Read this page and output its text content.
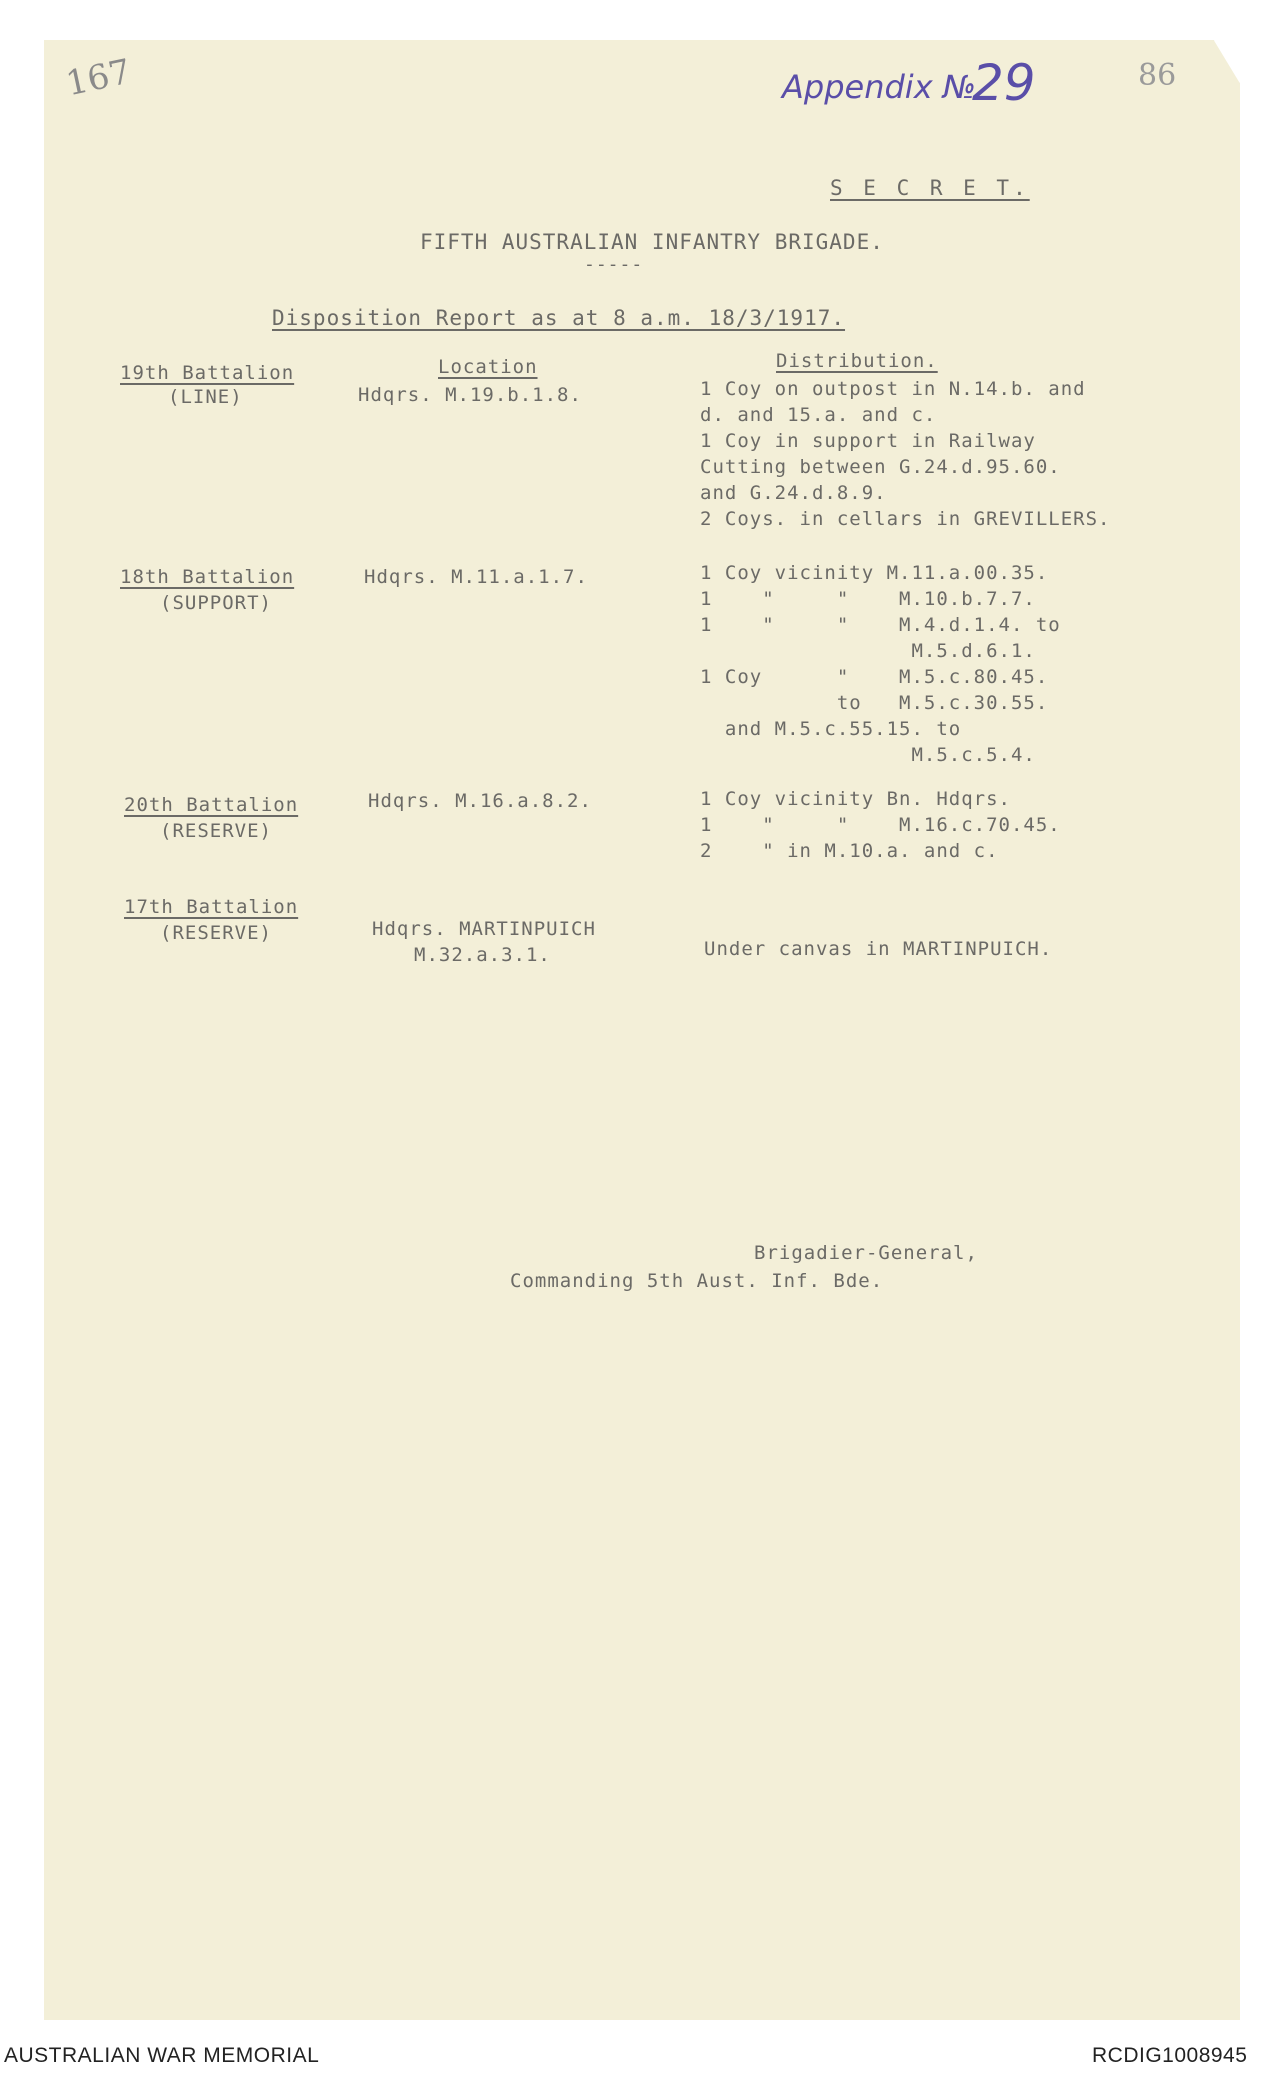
167	Appendix №
29	86
S E C R E T.
FIFTH AUSTRALIAN INFANTRY BRIGADE.
-----
Disposition Report as at 8 a.m. 18/3/1917.
Location	Distribution.
19th Battalion
(LINE)	Hdqrs. M.19.b.1.8.	1 Coy on outpost in N.14.b. and
d. and 15.a. and c.
1 Coy in support in Railway
Cutting between G.24.d.95.60.
and G.24.d.8.9.
2 Coys. in cellars in GREVILLERS.
18th Battalion
(SUPPORT)
Hdqrs. M.11.a.1.7.	1 Coy vicinity M.11.a.00.35.
1    "     "    M.10.b.7.7.
1    "     "    M.4.d.1.4. to
M.5.d.6.1.
1 Coy      "    M.5.c.80.45.
to   M.5.c.30.55.
and M.5.c.55.15. to
M.5.c.5.4.
20th Battalion
(RESERVE)
Hdqrs. M.16.a.8.2.	1 Coy vicinity Bn. Hdqrs.
1    "     "    M.16.c.70.45.
2    " in M.10.a. and c.
17th Battalion
(RESERVE)	Hdqrs. MARTINPUICH
M.32.a.3.1.	Under canvas in MARTINPUICH.
Brigadier-General,
Commanding 5th Aust. Inf. Bde.
AUSTRALIAN WAR MEMORIAL	RCDIG1008945
